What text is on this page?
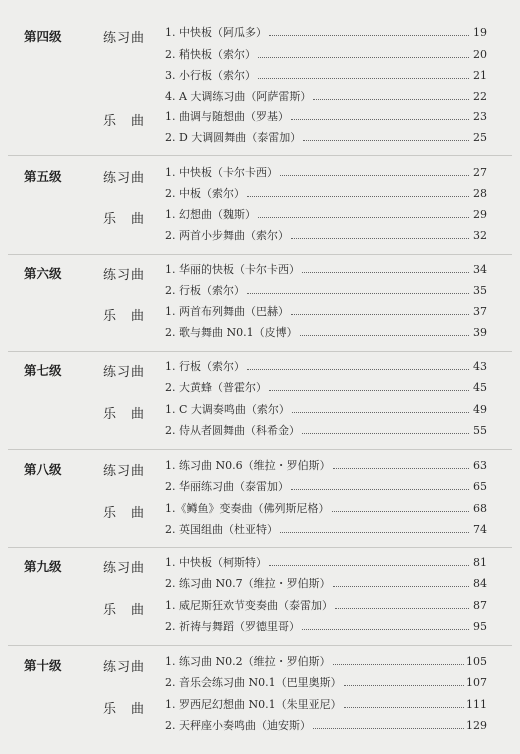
第四级	练习曲	1. 中快板（阿瓜多）	19
2. 稍快板（索尔）	20
3. 小行板（索尔）	21
4. A 大调练习曲（阿萨雷斯）	22
乐　曲	1. 曲调与随想曲（罗基）	23
2. D 大调圆舞曲（泰雷加）	25
第五级	练习曲	1. 中快板（卡尔卡西）	27
2. 中板（索尔）	28
乐　曲	1. 幻想曲（魏斯）	29
2. 两首小步舞曲（索尔）	32
第六级	练习曲	1. 华丽的快板（卡尔卡西）	34
2. 行板（索尔）	35
乐　曲	1. 两首布列舞曲（巴赫）	37
2. 歌与舞曲 N0.1（皮博）	39
第七级	练习曲	1. 行板（索尔）	43
2. 大黄蜂（普霍尔）	45
乐　曲	1. C 大调奏鸣曲（索尔）	49
2. 侍从者圆舞曲（科希金）	55
第八级	练习曲	1. 练习曲 N0.6（维拉・罗伯斯）	63
2. 华丽练习曲（泰雷加）	65
乐　曲	1.《鳟鱼》变奏曲（佛列斯尼格）	68
2. 英国组曲（杜亚特）	74
第九级	练习曲	1. 中快板（柯斯特）	81
2. 练习曲 N0.7（维拉・罗伯斯）	84
乐　曲	1. 威尼斯狂欢节变奏曲（泰雷加）	87
2. 祈祷与舞蹈（罗德里哥）	95
第十级	练习曲	1. 练习曲 N0.2（维拉・罗伯斯）	105
2. 音乐会练习曲 N0.1（巴里奥斯）	107
乐　曲	1. 罗西尼幻想曲 N0.1（朱里亚尼）	111
2. 天秤座小奏鸣曲（迪安斯）	129
